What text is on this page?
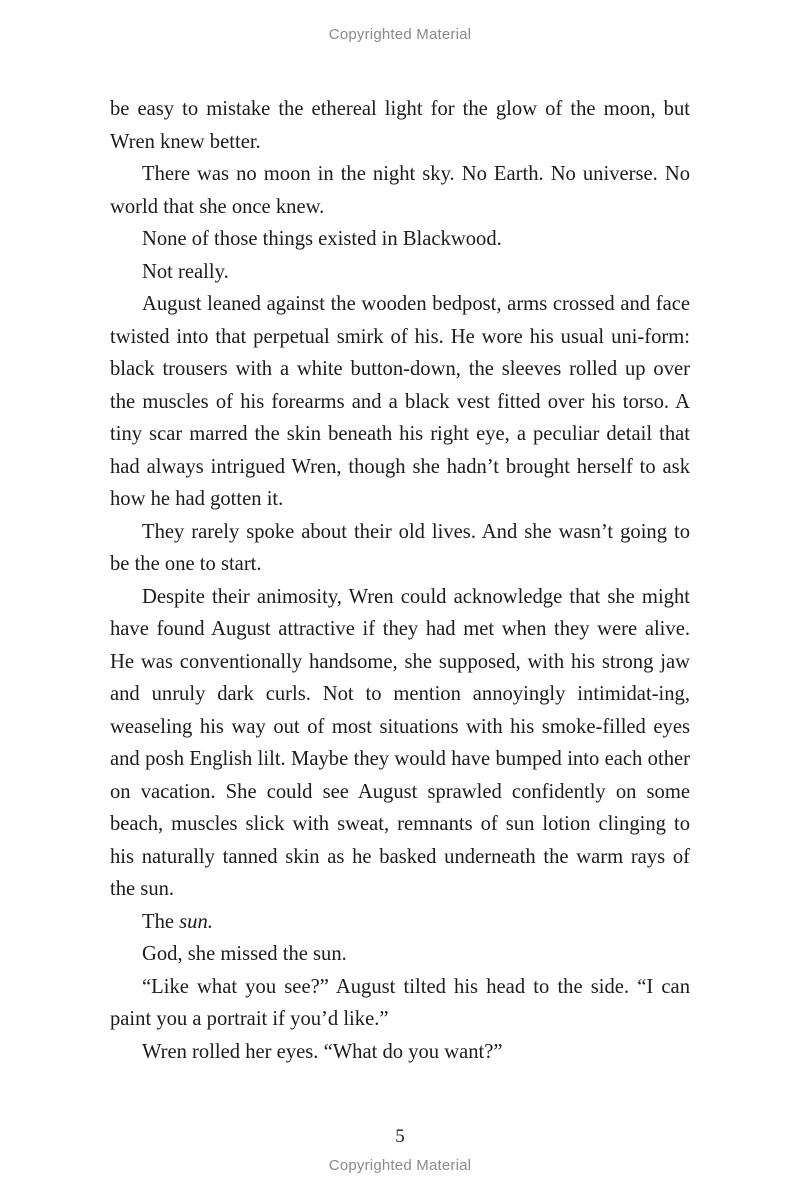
Copyrighted Material

be easy to mistake the ethereal light for the glow of the moon, but Wren knew better.

There was no moon in the night sky. No Earth. No universe. No world that she once knew.

None of those things existed in Blackwood.

Not really.

August leaned against the wooden bedpost, arms crossed and face twisted into that perpetual smirk of his. He wore his usual uni-form: black trousers with a white button-down, the sleeves rolled up over the muscles of his forearms and a black vest fitted over his torso. A tiny scar marred the skin beneath his right eye, a peculiar detail that had always intrigued Wren, though she hadn’t brought herself to ask how he had gotten it.

They rarely spoke about their old lives. And she wasn’t going to be the one to start.

Despite their animosity, Wren could acknowledge that she might have found August attractive if they had met when they were alive. He was conventionally handsome, she supposed, with his strong jaw and unruly dark curls. Not to mention annoyingly intimidat-ing, weaseling his way out of most situations with his smoke-filled eyes and posh English lilt. Maybe they would have bumped into each other on vacation. She could see August sprawled confidently on some beach, muscles slick with sweat, remnants of sun lotion clinging to his naturally tanned skin as he basked underneath the warm rays of the sun.

The sun.

God, she missed the sun.

“Like what you see?” August tilted his head to the side. “I can paint you a portrait if you’d like.”

Wren rolled her eyes. “What do you want?”

5
Copyrighted Material
